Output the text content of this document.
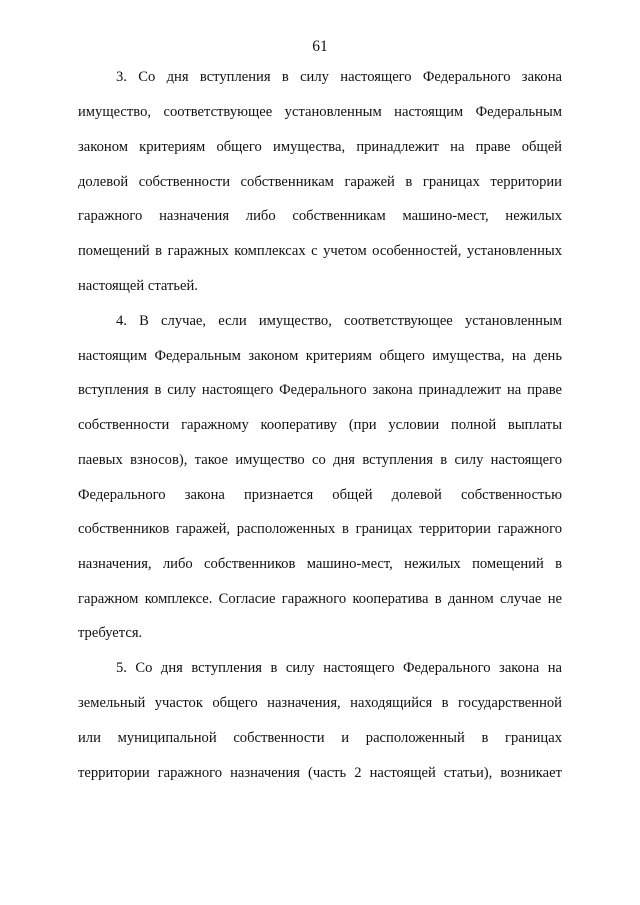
61
3. Со дня вступления в силу настоящего Федерального закона
имущество, соответствующее установленным настоящим Федеральным
законом критериям общего имущества, принадлежит на праве общей
долевой собственности собственникам гаражей в границах территории
гаражного назначения либо собственникам машино-мест, нежилых
помещений в гаражных комплексах с учетом особенностей, установленных
настоящей статьей.
4. В случае, если имущество, соответствующее установленным
настоящим Федеральным законом критериям общего имущества, на день
вступления в силу настоящего Федерального закона принадлежит на праве
собственности гаражному кооперативу (при условии полной выплаты
паевых взносов), такое имущество со дня вступления в силу настоящего
Федерального закона признается общей долевой собственностью
собственников гаражей, расположенных в границах территории гаражного
назначения, либо собственников машино-мест, нежилых помещений в
гаражном комплексе. Согласие гаражного кооператива в данном случае не
требуется.
5. Со дня вступления в силу настоящего Федерального закона на
земельный участок общего назначения, находящийся в государственной
или муниципальной собственности и расположенный в границах
территории гаражного назначения (часть 2 настоящей статьи), возникает
